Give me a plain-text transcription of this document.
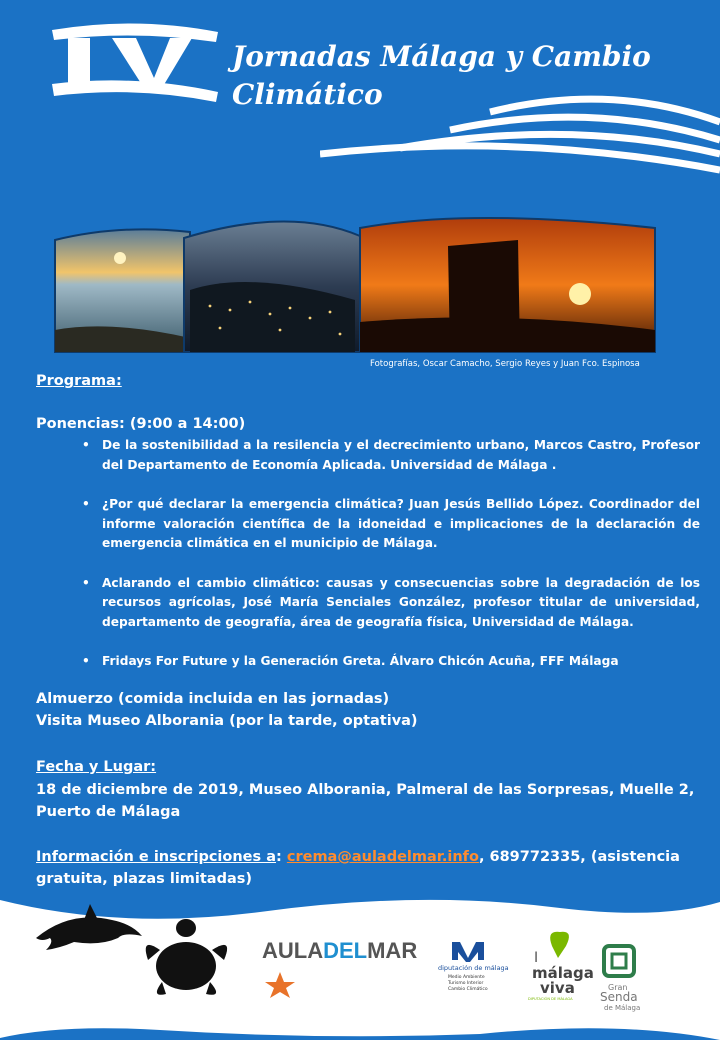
Jornadas Málaga y Cambio
Climático
Fotografías, Oscar Camacho, Sergio Reyes y Juan Fco. Espinosa
Programa:
Ponencias: (9:00 a 14:00)
• De la sostenibilidad a la resilencia y el decrecimiento urbano, Marcos Castro, Profesor del Departamento de Economía Aplicada. Universidad de Málaga .
• ¿Por qué declarar la emergencia climática? Juan Jesús Bellido López. Coordinador del informe valoración científica de la idoneidad e implicaciones de la declaración de emergencia climática en el municipio de Málaga.
• Aclarando el cambio climático: causas y consecuencias sobre la degradación de los recursos agrícolas, José María Senciales González, profesor titular de universidad, departamento de geografía, área de geografía física, Universidad de Málaga.
• Fridays For Future y la Generación Greta. Álvaro Chicón Acuña, FFF Málaga
Almuerzo (comida incluida en las jornadas)
Visita Museo Alborania (por la tarde, optativa)
Fecha y Lugar:
18 de diciembre de 2019, Museo Alborania, Palmeral de las Sorpresas, Muelle 2,
Puerto de Málaga
Información e inscripciones a: crema@auladelmar.info, 689772335, (asistencia
gratuita, plazas limitadas)
AULADELMAR
diputación de málaga
Medio Ambiente
Turismo Interior
Cambio Climático
I
málaga
viva
DIPUTACIÓN DE MÁLAGA
Gran
Senda
de Málaga
